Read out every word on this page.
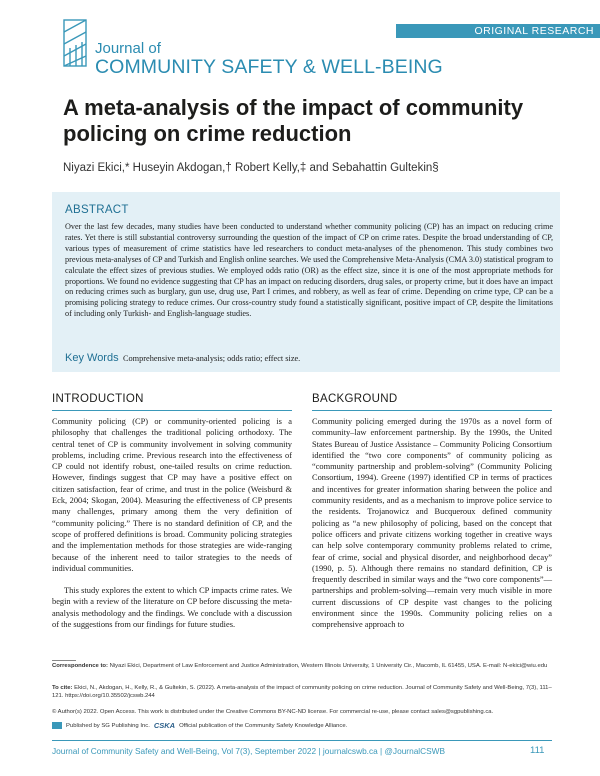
ORIGINAL RESEARCH
Journal of
COMMUNITY SAFETY & WELL-BEING
A meta-analysis of the impact of community policing on crime reduction
Niyazi Ekici,* Huseyin Akdogan,† Robert Kelly,‡ and Sebahattin Gultekin§
ABSTRACT

Over the last few decades, many studies have been conducted to understand whether community policing (CP) has an impact on reducing crime rates. Yet there is still substantial controversy surrounding the question of the impact of CP on crime rates. Despite the broad understanding of CP, various types of measurement of crime statistics have led researchers to conduct meta-analyses of the phenomenon. This study combines two previous meta-analyses of CP and Turkish and English online searches. We used the Comprehensive Meta-Analysis (CMA 3.0) statistical program to calculate the effect sizes of previous studies. We employed odds ratio (OR) as the effect size, since it is one of the most appropriate methods for proportions. We found no evidence suggesting that CP has an impact on reducing disorders, drug sales, or property crime, but it does have an impact on reducing crimes such as burglary, gun use, drug use, Part I crimes, and robbery, as well as fear of crime. Depending on crime type, CP can be a promising policing strategy to reduce crimes. Our cross-country study found a statistically significant, positive impact of CP, despite the limitations of including only Turkish- and English-language studies.

Key Words Comprehensive meta-analysis; odds ratio; effect size.
INTRODUCTION

Community policing (CP) or community-oriented policing is a philosophy that challenges the traditional policing orthodoxy. The central tenet of CP is community involvement in solving community problems, including crime. Previous research into the effectiveness of CP could not identify robust, one-tailed results on crime reduction. However, findings suggest that CP may have a positive effect on citizen satisfaction, fear of crime, and trust in the police (Weisburd & Eck, 2004; Skogan, 2004). Measuring the effectiveness of CP presents many challenges, primary among them the very definition of “community policing.” There is no standard definition of CP, and the scope of proffered definitions is broad. Community policing strategies and the implementation methods for those strategies are wide-ranging because of the inherent need to tailor strategies to the needs of individual communities.

This study explores the extent to which CP impacts crime rates. We begin with a review of the literature on CP before discussing the meta-analysis methodology and the findings. We conclude with a discussion of the suggestions from our findings for future studies.

BACKGROUND

Community policing emerged during the 1970s as a novel form of community–law enforcement partnership. By the 1990s, the United States Bureau of Justice Assistance – Community Policing Consortium identified the “two core components” of community policing as “community partnership and problem-solving” (Community Policing Consortium, 1994). Greene (1997) identified CP in terms of practices and incentives for greater information sharing between the police and community residents, and as a mechanism to improve police service to the residents. Trojanowicz and Bucqueroux defined community policing as “a new philosophy of policing, based on the concept that police officers and private citizens working together in creative ways can help solve contemporary community problems related to crime, fear of crime, social and physical disorder, and neighborhood decay” (1990, p. 5). Although there remains no standard definition, CP is frequently described in similar ways and the “two core components”—partnerships and problem-solving—remain very much visible in more current discussions of CP despite vast changes to the policing environment since the 1990s. Community policing relies on a comprehensive approach to

Correspondence to: Niyazi Ekici, Department of Law Enforcement and Justice Administration, Western Illinois University, 1 University Cir., Macomb, IL 61455, USA. E-mail: N-ekici@wiu.edu
To cite: Ekici, N., Akdogan, H., Kelly, R., & Gultekin, S. (2022). A meta-analysis of the impact of community policing on crime reduction. Journal of Community Safety and Well-Being, 7(3), 111–121. https://doi.org/10.35502/jcswb.244
© Author(s) 2022. Open Access. This work is distributed under the Creative Commons BY-NC-ND license. For commercial re-use, please contact sales@sgpublishing.ca.
Published by SG Publishing Inc. CSKA Official publication of the Community Safety Knowledge Alliance.
Journal of Community Safety and Well-Being, Vol 7(3), September 2022 | journalcswb.ca | @JournalCSWB	111
